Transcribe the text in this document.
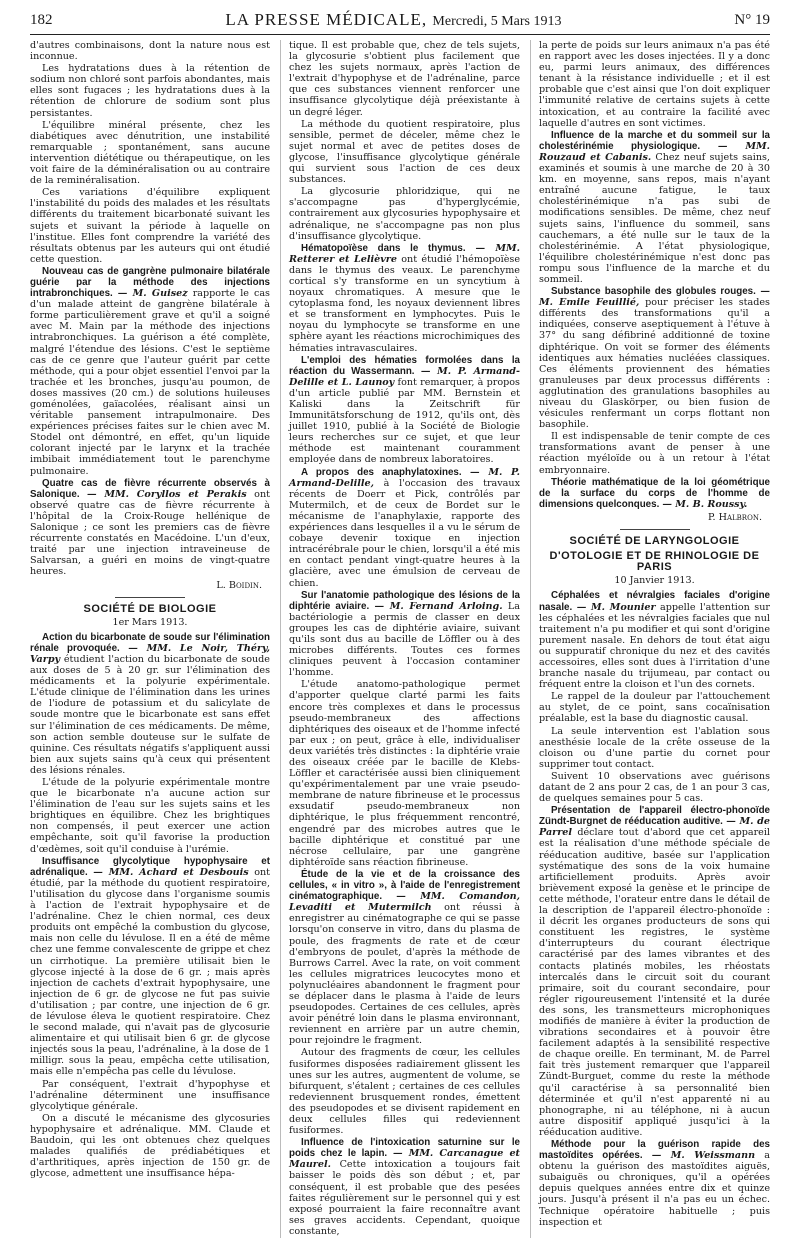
182	LA PRESSE MÉDICALE, Mercredi, 5 Mars 1913	N° 19

d'autres combinaisons, dont la nature nous est inconnue.

Les hydratations dues à la rétention de sodium non chloré sont parfois abondantes, mais elles sont fugaces ; les hydratations dues à la rétention de chlorure de sodium sont plus persistantes.

L'équilibre minéral présente, chez les diabétiques avec dénutrition, une instabilité remarquable ; spontanément, sans aucune intervention diététique ou thérapeutique, on les voit faire de la déminéralisation ou au contraire de la reminéralisation.

Ces variations d'équilibre expliquent l'instabilité du poids des malades et les résultats différents du traitement bicarbonaté suivant les sujets et suivant la période à laquelle on l'institue. Elles font comprendre la variété des résultats obtenus par les auteurs qui ont étudié cette question.

Nouveau cas de gangrène pulmonaire bilatérale guérie par la méthode des injections intrabronchiques. — M. Guisez rapporte le cas d'un malade atteint de gangrène bilatérale à forme particulièrement grave et qu'il a soigné avec M. Main par la méthode des injections intrabronchiques. La guérison a été complète, malgré l'étendue des lésions. C'est le septième cas de ce genre que l'auteur guérit par cette méthode, qui a pour objet essentiel l'envoi par la trachée et les bronches, jusqu'au poumon, de doses massives (20 cm.) de solutions huileuses goménolées, gaïacolées, réalisant ainsi un véritable pansement intrapulmonaire. Des expériences précises faites sur le chien avec M. Stodel ont démontré, en effet, qu'un liquide colorant injecté par le larynx et la trachée imbibait immédiatement tout le parenchyme pulmonaire.

Quatre cas de fièvre récurrente observés à Salonique. — MM. Coryllos et Perakis ont observé quatre cas de fièvre récurrente à l'hôpital de la Croix-Rouge hellénique de Salonique ; ce sont les premiers cas de fièvre récurrente constatés en Macédoine. L'un d'eux, traité par une injection intraveineuse de Salvarsan, a guéri en moins de vingt-quatre heures.

L. Boidin.

SOCIÉTÉ DE BIOLOGIE

1er Mars 1913.

Action du bicarbonate de soude sur l'élimination rénale provoquée. — MM. Le Noir, Théry, Varpy étudient l'action du bicarbonate de soude aux doses de 5 à 20 gr. sur l'élimination des médicaments et la polyurie expérimentale. L'étude clinique de l'élimination dans les urines de l'iodure de potassium et du salicylate de soude montre que le bicarbonate est sans effet sur l'élimination de ces médicaments. De même, son action semble douteuse sur le sulfate de quinine. Ces résultats négatifs s'appliquent aussi bien aux sujets sains qu'à ceux qui présentent des lésions rénales.

L'étude de la polyurie expérimentale montre que le bicarbonate n'a aucune action sur l'élimination de l'eau sur les sujets sains et les brightiques en équilibre. Chez les brightiques non compensés, il peut exercer une action empêchante, soit qu'il favorise la production d'œdèmes, soit qu'il conduise à l'urémie.

Insuffisance glycolytique hypophysaire et adrénalique. — MM. Achard et Desbouis ont étudié, par la méthode du quotient respiratoire, l'utilisation du glycose dans l'organisme soumis à l'action de l'extrait hypophysaire et de l'adrénaline. Chez le chien normal, ces deux produits ont empêché la combustion du glycose, mais non celle du lévulose. Il en a été de même chez une femme convalescente de grippe et chez un cirrhotique. La première utilisait bien le glycose injecté à la dose de 6 gr. ; mais après injection de cachets d'extrait hypophysaire, une injection de 6 gr. de glycose ne fut pas suivie d'utilisation ; par contre, une injection de 6 gr. de lévulose éleva le quotient respiratoire. Chez le second malade, qui n'avait pas de glycosurie alimentaire et qui utilisait bien 6 gr. de glycose injectés sous la peau, l'adrénaline, à la dose de 1 milligr. sous la peau, empêcha cette utilisation, mais elle n'empêcha pas celle du lévulose.

Par conséquent, l'extrait d'hypophyse et l'adrénaline déterminent une insuffisance glycolytique générale.

On a discuté le mécanisme des glycosuries hypophysaire et adrénalique. MM. Claude et Baudoin, qui les ont obtenues chez quelques malades qualifiés de prédiabétiques et d'arthritiques, après injection de 150 gr. de glycose, admettent une insuffisance hépa-

tique. Il est probable que, chez de tels sujets, la glycosurie s'obtient plus facilement que chez les sujets normaux, après l'action de l'extrait d'hypophyse et de l'adrénaline, parce que ces substances viennent renforcer une insuffisance glycolytique déjà préexistante à un degré léger.

La méthode du quotient respiratoire, plus sensible, permet de déceler, même chez le sujet normal et avec de petites doses de glycose, l'insuffisance glycolytique générale qui survient sous l'action de ces deux substances.

La glycosurie phloridzique, qui ne s'accompagne pas d'hyperglycémie, contrairement aux glycosuries hypophysaire et adrénalique, ne s'accompagne pas non plus d'insuffisance glycolytique.

Hématopoïèse dans le thymus. — MM. Retterer et Lelièvre ont étudié l'hémopoïèse dans le thymus des veaux. Le parenchyme cortical s'y transforme en un syncytium à noyaux chromatiques. A mesure que le cytoplasma fond, les noyaux deviennent libres et se transforment en lymphocytes. Puis le noyau du lymphocyte se transforme en une sphère ayant les réactions microchimiques des hématies intravasculaires.

L'emploi des hématies formolées dans la réaction du Wassermann. — M. P. Armand-Delille et L. Launoy font remarquer, à propos d'un article publié par MM. Bernstein et Kaliski dans la Zeitschrift für Immunitätsforschung de 1912, qu'ils ont, dès juillet 1910, publié à la Société de Biologie leurs recherches sur ce sujet, et que leur méthode est maintenant couramment employée dans de nombreux laboratoires.

A propos des anaphylatoxines. — M. P. Armand-Delille, à l'occasion des travaux récents de Doerr et Pick, contrôlés par Mutermilch, et de ceux de Bordet sur le mécanisme de l'anaphylaxie, rapporte des expériences dans lesquelles il a vu le sérum de cobaye devenir toxique en injection intracérébrale pour le chien, lorsqu'il a été mis en contact pendant vingt-quatre heures à la glacière, avec une émulsion de cerveau de chien.

Sur l'anatomie pathologique des lésions de la diphtérie aviaire. — M. Fernand Arloing. La bactériologie a permis de classer en deux groupes les cas de diphtérie aviaire, suivant qu'ils sont dus au bacille de Löffler ou à des microbes différents. Toutes ces formes cliniques peuvent à l'occasion contaminer l'homme.

L'étude anatomo-pathologique permet d'apporter quelque clarté parmi les faits encore très complexes et dans le processus pseudo-membraneux des affections diphtériques des oiseaux et de l'homme infecté par eux ; on peut, grâce à elle, individualiser deux variétés très distinctes : la diphtérie vraie des oiseaux créée par le bacille de Klebs-Löffler et caractérisée aussi bien cliniquement qu'expérimentalement par une vraie pseudo-membrane de nature fibrineuse et le processus exsudatif pseudo-membraneux non diphtérique, le plus fréquemment rencontré, engendré par des microbes autres que le bacille diphtérique et constitué par une nécrose cellulaire, par une gangrène diphtéroïde sans réaction fibrineuse.

Étude de la vie et de la croissance des cellules, « in vitro », à l'aide de l'enregistrement cinématographique. — MM. Comandon, Levaditi et Mutermilch ont réussi à enregistrer au cinématographe ce qui se passe lorsqu'on conserve in vitro, dans du plasma de poule, des fragments de rate et de cœur d'embryons de poulet, d'après la méthode de Burrows Carrel. Avec la rate, on voit comment les cellules migratrices leucocytes mono et polynucléaires abandonnent le fragment pour se déplacer dans le plasma à l'aide de leurs pseudopodes. Certaines de ces cellules, après avoir pénétré loin dans le plasma environnant, reviennent en arrière par un autre chemin, pour rejoindre le fragment.

Autour des fragments de cœur, les cellules fusiformes disposées radiairement glissent les unes sur les autres, augmentent de volume, se bifurquent, s'étalent ; certaines de ces cellules redeviennent brusquement rondes, émettent des pseudopodes et se divisent rapidement en deux cellules filles qui redeviennent fusiformes.

Influence de l'intoxication saturnine sur le poids chez le lapin. — MM. Carcanague et Maurel. Cette intoxication a toujours fait baisser le poids dès son début ; et, par conséquent, il est probable que des pesées faites régulièrement sur le personnel qui y est exposé pourraient la faire reconnaître avant ses graves accidents. Cependant, quoique constante,

la perte de poids sur leurs animaux n'a pas été en rapport avec les doses injectées. Il y a donc eu, parmi leurs animaux, des différences tenant à la résistance individuelle ; et il est probable que c'est ainsi que l'on doit expliquer l'immunité relative de certains sujets à cette intoxication, et au contraire la facilité avec laquelle d'autres en sont victimes.

Influence de la marche et du sommeil sur la cholestérinémie physiologique. — MM. Rouzaud et Cabanis. Chez neuf sujets sains, examinés et soumis à une marche de 20 à 30 km. en moyenne, sans repos, mais n'ayant entraîné aucune fatigue, le taux cholestérinémique n'a pas subi de modifications sensibles. De même, chez neuf sujets sains, l'influence du sommeil, sans cauchemars, a été nulle sur le taux de la cholestérinémie. A l'état physiologique, l'équilibre cholestérinémique n'est donc pas rompu sous l'influence de la marche et du sommeil.

Substance basophile des globules rouges. — M. Emile Feuillié, pour préciser les stades différents des transformations qu'il a indiquées, conserve aseptiquement à l'étuve à 37° du sang défibriné additionné de toxine diphtérique. On voit se former des éléments identiques aux hématies nucléées classiques. Ces éléments proviennent des hématies granuleuses par deux processus différents : agglutination des granulations basophiles au niveau du Glaskörper, ou bien fusion de vésicules renfermant un corps flottant non basophile.

Il est indispensable de tenir compte de ces transformations avant de penser à une réaction myéloïde ou à un retour à l'état embryonnaire.

Théorie mathématique de la loi géométrique de la surface du corps de l'homme de dimensions quelconques. — M. B. Roussy.

P. Halbron.

SOCIÉTÉ DE LARYNGOLOGIE

D'OTOLOGIE ET DE RHINOLOGIE DE PARIS

10 Janvier 1913.

Céphalées et névralgies faciales d'origine nasale. — M. Mounier appelle l'attention sur les céphalées et les névralgies faciales que nul traitement n'a pu modifier et qui sont d'origine purement nasale. En dehors de tout état aigu ou suppuratif chronique du nez et des cavités accessoires, elles sont dues à l'irritation d'une branche nasale du trijumeau, par contact ou fréquent entre la cloison et l'un des cornets.

Le rappel de la douleur par l'attouchement au stylet, de ce point, sans cocaïnisation préalable, est la base du diagnostic causal.

La seule intervention est l'ablation sous anesthésie locale de la crête osseuse de la cloison ou d'une partie du cornet pour supprimer tout contact.

Suivent 10 observations avec guérisons datant de 2 ans pour 2 cas, de 1 an pour 3 cas, de quelques semaines pour 5 cas.

Présentation de l'appareil électro-phonoïde Zündt-Burgnet de rééducation auditive. — M. de Parrel déclare tout d'abord que cet appareil est la réalisation d'une méthode spéciale de rééducation auditive, basée sur l'application systématique des sons de la voix humaine artificiellement produits. Après avoir brièvement exposé la genèse et le principe de cette méthode, l'orateur entre dans le détail de la description de l'appareil électro-phonoïde : il décrit les organes producteurs de sons qui constituent les registres, le système d'interrupteurs du courant électrique caractérisé par des lames vibrantes et des contacts platinés mobiles, les rhéostats intercalés dans le circuit soit du courant primaire, soit du courant secondaire, pour régler rigoureusement l'intensité et la durée des sons, les transmetteurs microphoniques modifiés de manière à éviter la production de vibrations secondaires et à pouvoir être facilement adaptés à la sensibilité respective de chaque oreille. En terminant, M. de Parrel fait très justement remarquer que l'appareil Zündt-Burguet, comme du reste la méthode qu'il caractérise à sa personnalité bien déterminée et qu'il n'est apparenté ni au phonographe, ni au téléphone, ni à aucun autre dispositif appliqué jusqu'ici à la rééducation auditive.

Méthode pour la guérison rapide des mastoïdites opérées. — M. Weissmann a obtenu la guérison des mastoïdites aiguës, subaiguës ou chroniques, qu'il a opérées depuis quelques années entre dix et quinze jours. Jusqu'à présent il n'a pas eu un échec. Technique opératoire habituelle ; puis inspection et
